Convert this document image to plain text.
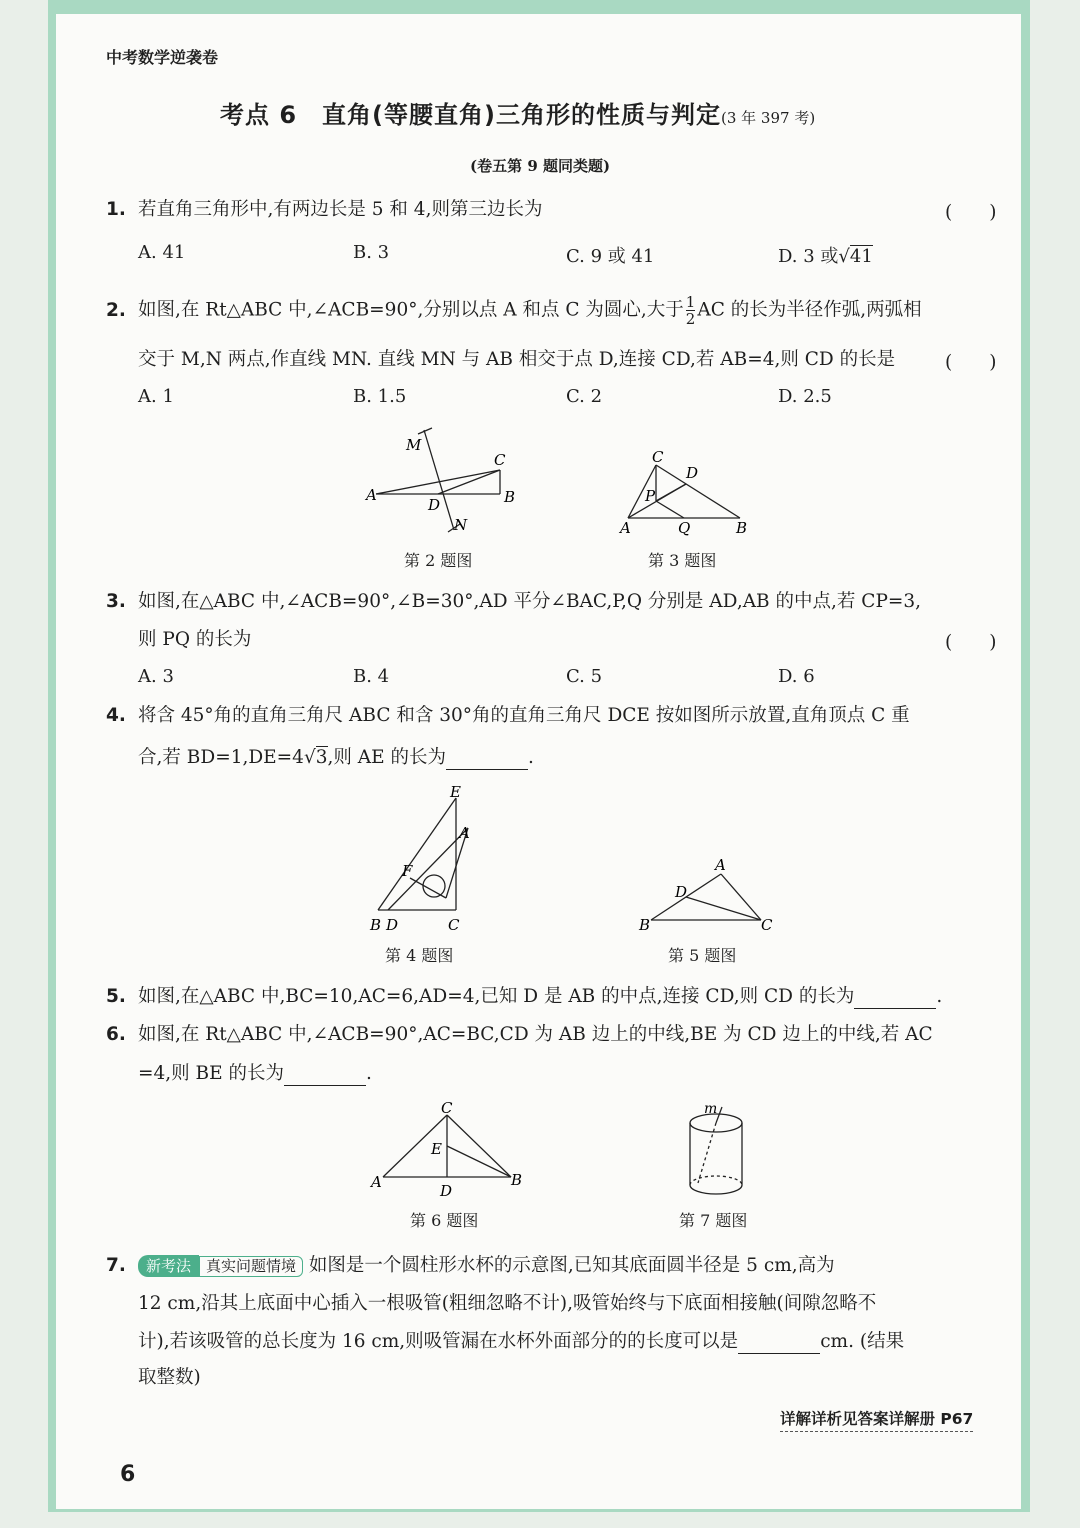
中考数学逆袭卷
考点 6　直角(等腰直角)三角形的性质与判定(3 年 397 考)
(卷五第 9 题同类题)
1. 若直角三角形中,有两边长是 5 和 4,则第三边长为	(　　)
A. 41	B. 3	C. 9 或 41	D. 3 或√41
2. 如图,在 Rt△ABC 中,∠ACB=90°,分别以点 A 和点 C 为圆心,大于 $\frac{1}{2}$ AC 的长为半径作弧,两弧相
交于 M,N 两点,作直线 MN. 直线 MN 与 AB 相交于点 D,连接 CD,若 AB=4,则 CD 的长是	(　　)
A. 1	B. 1.5	C. 2	D. 2.5
M
N
A	B
C
D
第 2 题图
C
D
P
A	Q	B
第 3 题图
3. 如图,在△ABC 中,∠ACB=90°,∠B=30°,AD 平分∠BAC,P,Q 分别是 AD,AB 的中点,若 CP=3,
则 PQ 的长为	(　　)
A. 3	B. 4	C. 5	D. 6
4. 将含 45°角的直角三角尺 ABC 和含 30°角的直角三角尺 DCE 按如图所示放置,直角顶点 C 重
合,若 BD=1,DE=4√3,则 AE 的长为	.
E
A
F
B D	C
第 4 题图
A
D
B	C
第 5 题图
5. 如图,在△ABC 中,BC=10,AC=6,AD=4,已知 D 是 AB 的中点,连接 CD,则 CD 的长为	.
6. 如图,在 Rt△ABC 中,∠ACB=90°,AC=BC,CD 为 AB 边上的中线,BE 为 CD 边上的中线,若 AC
=4,则 BE 的长为	.
C
E
A	D
B
第 6 题图
m
第 7 题图
7. 新考法 真实问题情境 如图是一个圆柱形水杯的示意图,已知其底面圆半径是 5 cm,高为
12 cm,沿其上底面中心插入一根吸管(粗细忽略不计),吸管始终与下底面相接触(间隙忽略不
计),若该吸管的总长度为 16 cm,则吸管漏在水杯外面部分的的长度可以是	cm. (结果
取整数)
详解详析见答案详解册 P67
6
